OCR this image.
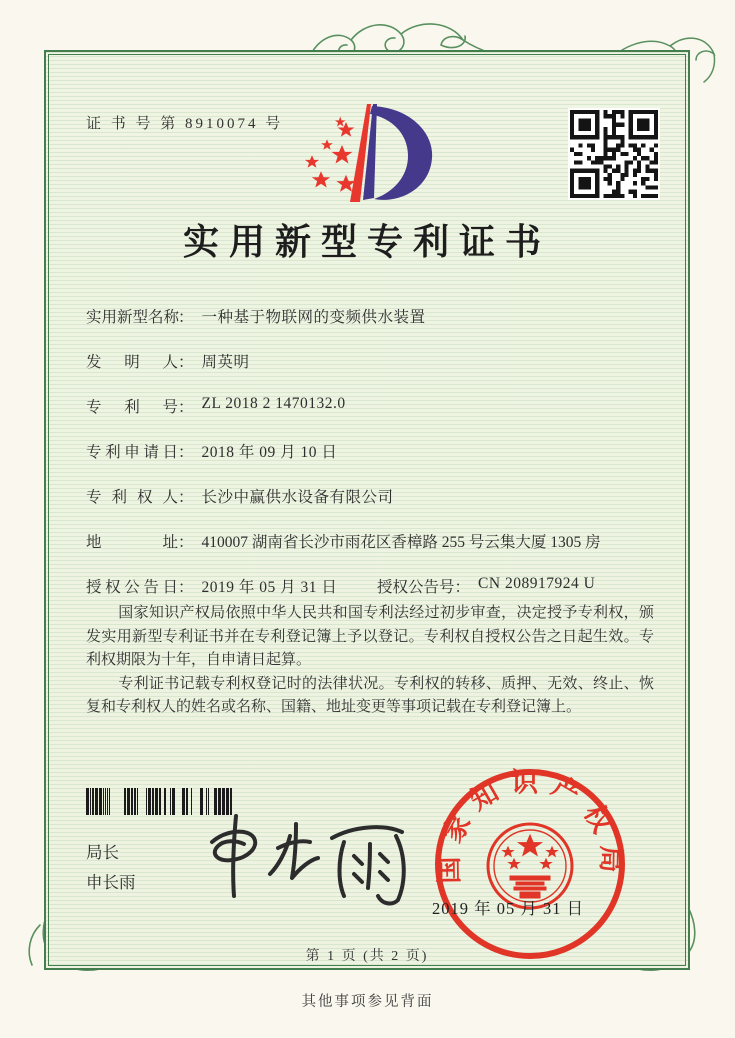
证 书 号 第 8910074 号
实用新型专利证书
实用新型名称： 一种基于物联网的变频供水装置
发明人： 周英明
专利号： ZL 2018 2 1470132.0
专利申请日： 2018 年 09 月 10 日
专利权人： 长沙中赢供水设备有限公司
地址： 410007 湖南省长沙市雨花区香樟路 255 号云集大厦 1305 房
授权公告日： 2019 年 05 月 31 日	授权公告号： CN 208917924 U

国家知识产权局依照中华人民共和国专利法经过初步审查，决定授予专利权，颁发实用新型专利证书并在专利登记簿上予以登记。专利权自授权公告之日起生效。专利权期限为十年，自申请日起算。

专利证书记载专利权登记时的法律状况。专利权的转移、质押、无效、终止、恢复和专利权人的姓名或名称、国籍、地址变更等事项记载在专利登记簿上。

局长
申长雨	国家知识产权局
2019 年 05 月 31 日
第 1 页 (共 2 页)
其他事项参见背面
